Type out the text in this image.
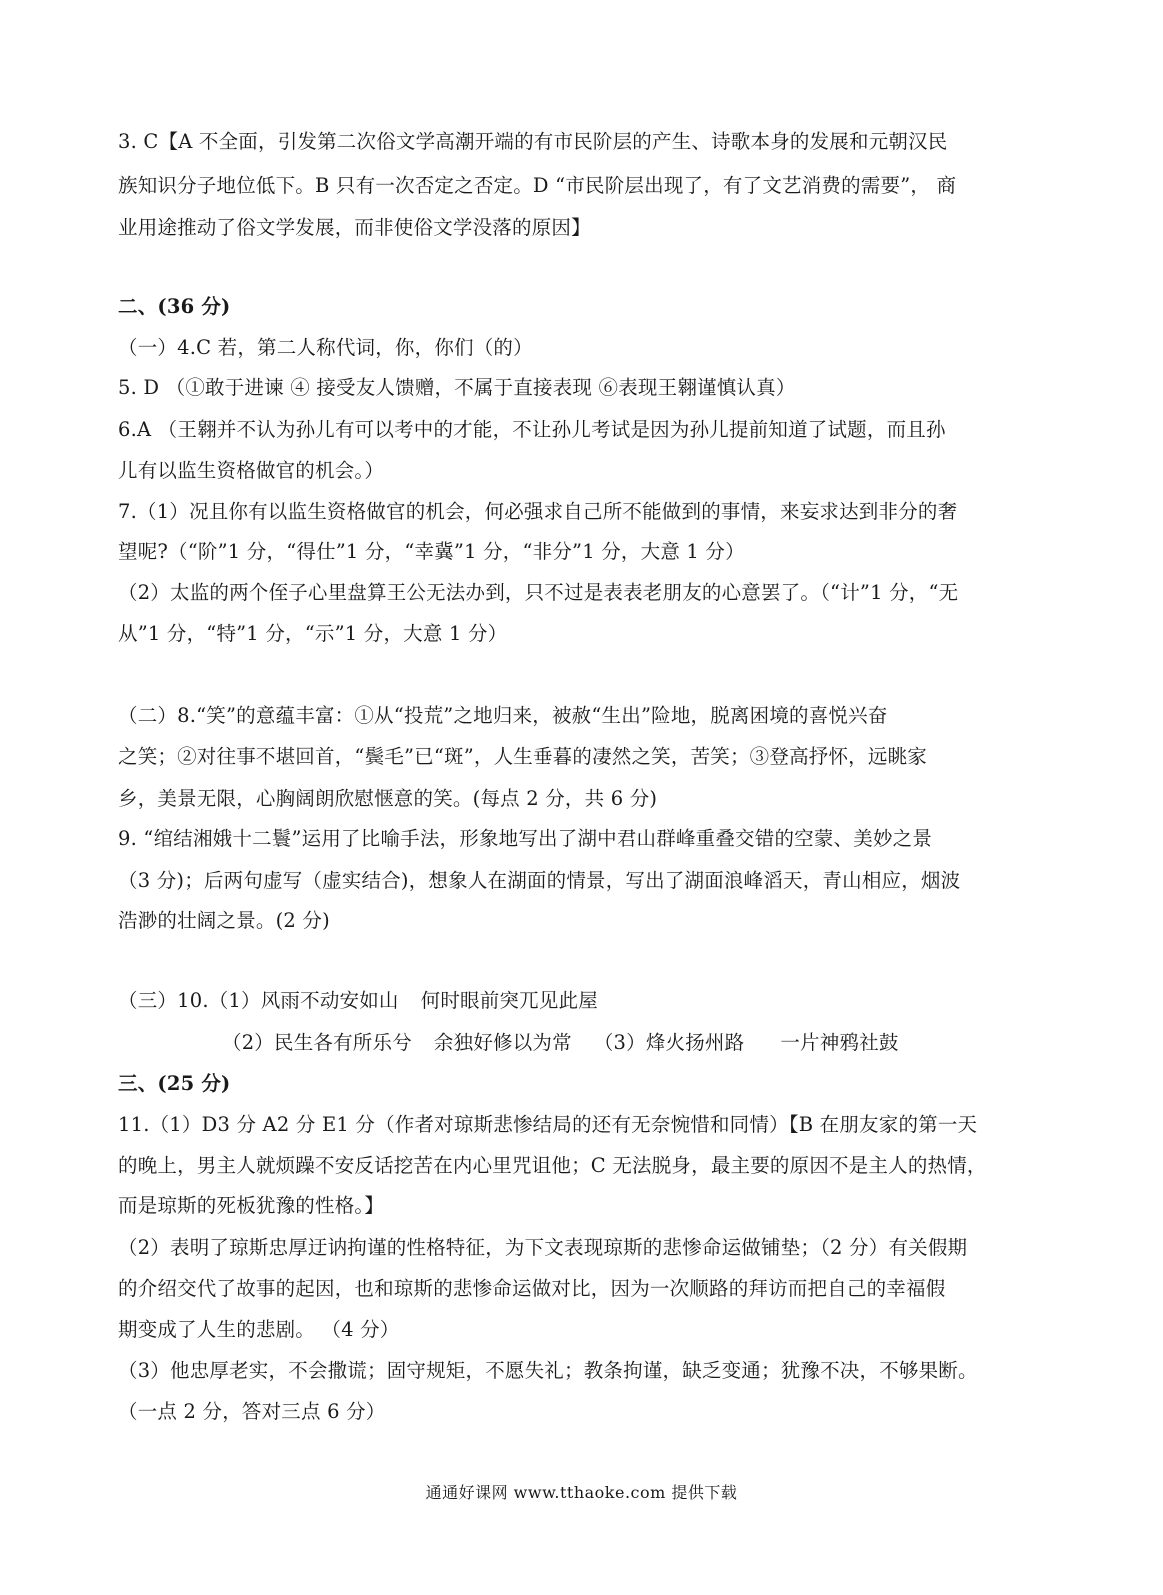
3. C【A 不全面，引发第二次俗文学高潮开端的有市民阶层的产生、诗歌本身的发展和元朝汉民
族知识分子地位低下。B 只有一次否定之否定。D “市民阶层出现了，有了文艺消费的需要”， 商
业用途推动了俗文学发展，而非使俗文学没落的原因】
二、(36 分)
（一）4.C 若，第二人称代词，你，你们（的）
5. D （①敢于进谏 ④ 接受友人馈赠，不属于直接表现 ⑥表现王翱谨慎认真）
6.A （王翱并不认为孙儿有可以考中的才能，不让孙儿考试是因为孙儿提前知道了试题，而且孙
儿有以监生资格做官的机会。）
7.（1）况且你有以监生资格做官的机会，何必强求自己所不能做到的事情，来妄求达到非分的奢
望呢?（“阶”1 分，“得仕”1 分，“幸冀”1 分，“非分”1 分，大意 1 分）
（2）太监的两个侄子心里盘算王公无法办到，只不过是表表老朋友的心意罢了。（“计”1 分，“无
从”1 分，“特”1 分，“示”1 分，大意 1 分）
（二）8.“笑”的意蕴丰富：①从“投荒”之地归来，被赦“生出”险地，脱离困境的喜悦兴奋
之笑；②对往事不堪回首，“鬓毛”已“斑”，人生垂暮的凄然之笑，苦笑；③登高抒怀，远眺家
乡，美景无限，心胸阔朗欣慰惬意的笑。(每点 2 分，共 6 分)
9. “绾结湘娥十二鬟”运用了比喻手法，形象地写出了湖中君山群峰重叠交错的空蒙、美妙之景
（3 分)；后两句虚写（虚实结合)，想象人在湖面的情景，写出了湖面浪峰滔天，青山相应，烟波
浩渺的壮阔之景。(2 分)
（三）10.（1）风雨不动安如山 何时眼前突兀见此屋
（2）民生各有所乐兮 余独好修以为常 （3）烽火扬州路 一片神鸦社鼓
三、(25 分)
11.（1）D3 分 A2 分 E1 分（作者对琼斯悲惨结局的还有无奈惋惜和同情）【B 在朋友家的第一天
的晚上，男主人就烦躁不安反话挖苦在内心里咒诅他；C 无法脱身，最主要的原因不是主人的热情，
而是琼斯的死板犹豫的性格。】
（2）表明了琼斯忠厚迂讷拘谨的性格特征，为下文表现琼斯的悲惨命运做铺垫；（2 分）有关假期
的介绍交代了故事的起因，也和琼斯的悲惨命运做对比，因为一次顺路的拜访而把自己的幸福假
期变成了人生的悲剧。 （4 分）
（3）他忠厚老实，不会撒谎；固守规矩，不愿失礼；教条拘谨，缺乏变通；犹豫不决，不够果断。
（一点 2 分，答对三点 6 分）
通通好课网 www.tthaoke.com 提供下载
